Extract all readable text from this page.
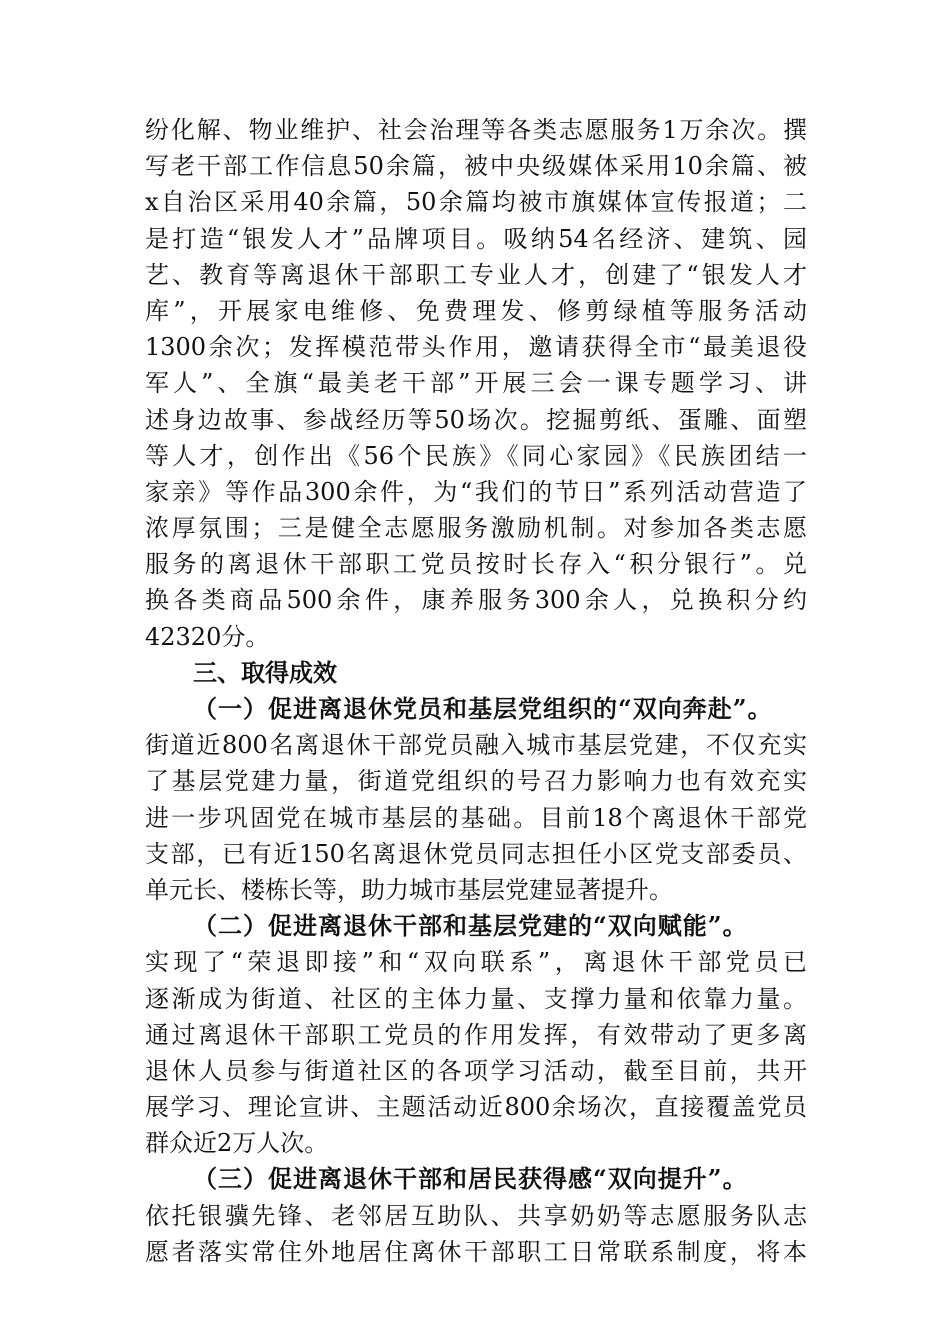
纷化解、物业维护、社会治理等各类志愿服务1万余次。撰
写老干部工作信息50余篇，被中央级媒体采用10余篇、被
x自治区采用40余篇，50余篇均被市旗媒体宣传报道；二
是打造“银发人才”品牌项目。吸纳54名经济、建筑、园
艺、教育等离退休干部职工专业人才，创建了“银发人才
库”，开展家电维修、免费理发、修剪绿植等服务活动
1300余次；发挥模范带头作用，邀请获得全市“最美退役
军人”、全旗“最美老干部”开展三会一课专题学习、讲
述身边故事、参战经历等50场次。挖掘剪纸、蛋雕、面塑
等人才，创作出《56个民族》《同心家园》《民族团结一
家亲》等作品300余件，为“我们的节日”系列活动营造了
浓厚氛围；三是健全志愿服务激励机制。对参加各类志愿
服务的离退休干部职工党员按时长存入“积分银行”。兑
换各类商品500余件，康养服务300余人，兑换积分约
42320分。
三、取得成效
（一）促进离退休党员和基层党组织的“双向奔赴”。
街道近800名离退休干部党员融入城市基层党建，不仅充实
了基层党建力量，街道党组织的号召力影响力也有效充实
进一步巩固党在城市基层的基础。目前18个离退休干部党
支部，已有近150名离退休党员同志担任小区党支部委员、
单元长、楼栋长等，助力城市基层党建显著提升。
（二）促进离退休干部和基层党建的“双向赋能”。
实现了“荣退即接”和“双向联系”，离退休干部党员已
逐渐成为街道、社区的主体力量、支撑力量和依靠力量。
通过离退休干部职工党员的作用发挥，有效带动了更多离
退休人员参与街道社区的各项学习活动，截至目前，共开
展学习、理论宣讲、主题活动近800余场次，直接覆盖党员
群众近2万人次。
（三）促进离退休干部和居民获得感“双向提升”。
依托银骥先锋、老邻居互助队、共享奶奶等志愿服务队志
愿者落实常住外地居住离休干部职工日常联系制度，将本
